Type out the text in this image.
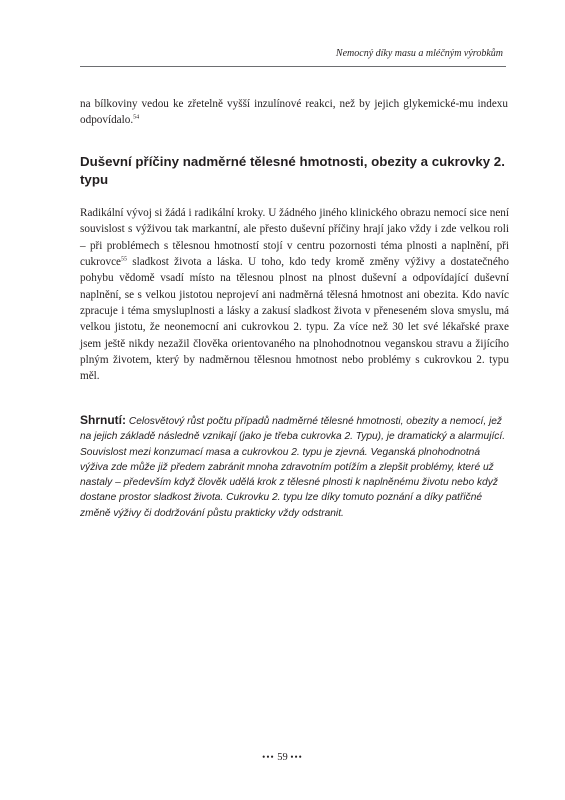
Nemocný díky masu a mléčným výrobkům

na bílkoviny vedou ke zřetelně vyšší inzulínové reakci, než by jejich glykemické-mu indexu odpovídalo.$^{54}$

Duševní příčiny nadměrné tělesné hmotnosti, obezity a cukrovky 2. typu

Radikální vývoj si žádá i radikální kroky. U žádného jiného klinického obrazu nemocí sice není souvislost s výživou tak markantní, ale přesto duševní příčiny hrají jako vždy i zde velkou roli – při problémech s tělesnou hmotností stojí v centru pozornosti téma plnosti a naplnění, při cukrovce$^{55}$ sladkost života a láska. U toho, kdo tedy kromě změny výživy a dostatečného pohybu vědomě vsadí místo na tělesnou plnost na plnost duševní a odpovídající duševní naplnění, se s velkou jistotou neprojeví ani nadměrná tělesná hmotnost ani obezita. Kdo navíc zpracuje i téma smysluplnosti a lásky a zakusí sladkost života v přeneseném slova smyslu, má velkou jistotu, že neonemocní ani cukrovkou 2. typu. Za více než 30 let své lékařské praxe jsem ještě nikdy nezažil člověka orientovaného na plnohodnotnou veganskou stravu a žijícího plným životem, který by nadměrnou tělesnou hmotnost nebo problémy s cukrovkou 2. typu měl.

Shrnutí: Celosvětový růst počtu případů nadměrné tělesné hmotnosti, obezity a nemocí, jež na jejich základě následně vznikají (jako je třeba cukrovka 2. Typu), je dramatický a alarmující. Souvislost mezi konzumací masa a cukrovkou 2. typu je zjevná. Veganská plnohodnotná výživa zde může již předem zabránit mnoha zdravotním potížím a zlepšit problémy, které už nastaly – především když člověk udělá krok z tělesné plnosti k naplněnému životu nebo když dostane prostor sladkost života. Cukrovku 2. typu lze díky tomuto poznání a díky patřičné změně výživy či dodržování půstu prakticky vždy odstranit.

••• 59 •••
